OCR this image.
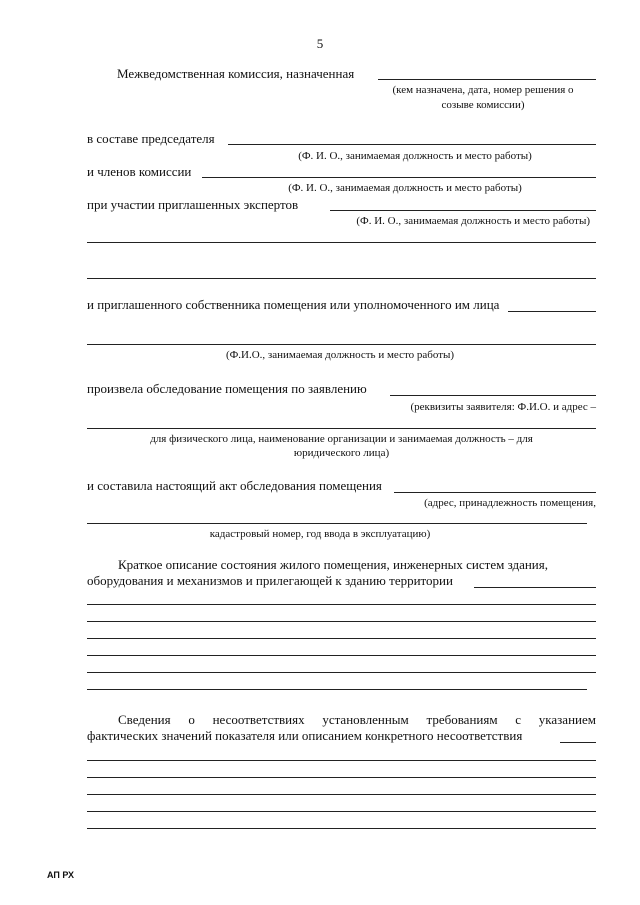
5
Межведомственная комиссия, назначенная
(кем назначена, дата, номер решения о
созыве комиссии)
в составе председателя
(Ф. И. О., занимаемая должность и место работы)
и членов комиссии
(Ф. И. О., занимаемая должность и место работы)
при участии приглашенных экспертов
(Ф. И. О., занимаемая должность и место работы)
и приглашенного собственника помещения или уполномоченного им лица
(Ф.И.О., занимаемая должность и место работы)
произвела обследование помещения по заявлению
(реквизиты заявителя: Ф.И.О. и адрес –
для физического лица, наименование организации и занимаемая должность – для
юридического лица)
и составила настоящий акт обследования помещения
(адрес, принадлежность помещения,
кадастровый номер, год ввода в эксплуатацию)
Краткое описание состояния жилого помещения, инженерных систем здания,
оборудования и механизмов и прилегающей к зданию территории
Сведения о несоответствиях установленным требованиям с указанием
фактических значений показателя или описанием конкретного несоответствия
АП РХ
